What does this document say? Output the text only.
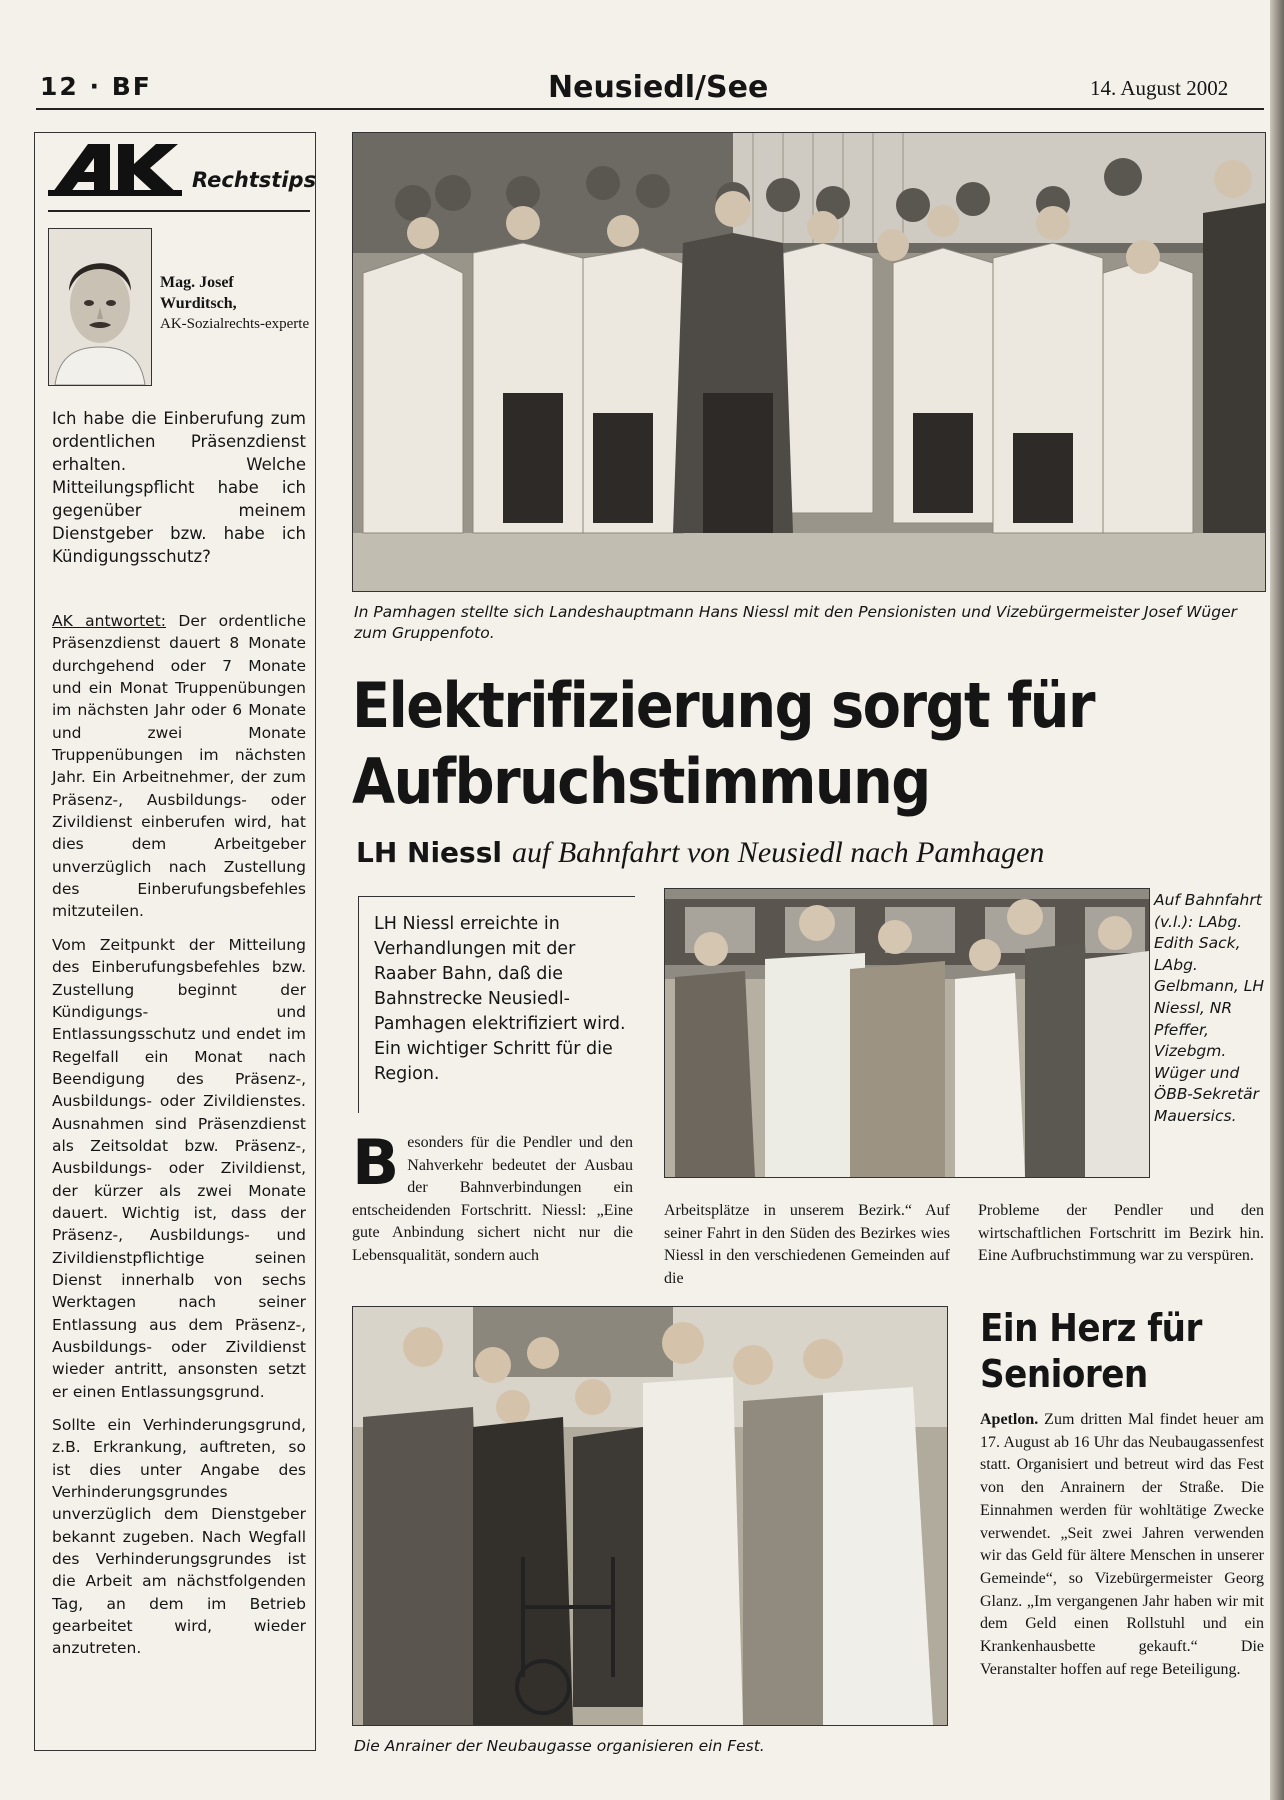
12 · BF	Neusiedl/See	14. August 2002
Rechtstips
Mag. Josef
Wurditsch,
AK-Sozialrechts-experte
Ich habe die Einberufung zum ordentlichen Präsenzdienst erhalten. Welche Mitteilungspflicht habe ich gegenüber meinem Dienstgeber bzw. habe ich Kündigungsschutz?

AK antwortet: Der ordentliche Präsenzdienst dauert 8 Monate durchgehend oder 7 Monate und ein Monat Truppenübungen im nächsten Jahr oder 6 Monate und zwei Monate Truppenübungen im nächsten Jahr. Ein Arbeitnehmer, der zum Präsenz-, Ausbildungs- oder Zivildienst einberufen wird, hat dies dem Arbeitgeber unverzüglich nach Zustellung des Einberufungsbefehles mitzuteilen.

Vom Zeitpunkt der Mitteilung des Einberufungsbefehles bzw. Zustellung beginnt der Kündigungs- und Entlassungsschutz und endet im Regelfall ein Monat nach Beendigung des Präsenz-, Ausbildungs- oder Zivildienstes. Ausnahmen sind Präsenzdienst als Zeitsoldat bzw. Präsenz-, Ausbildungs- oder Zivildienst, der kürzer als zwei Monate dauert. Wichtig ist, dass der Präsenz-, Ausbildungs- und Zivildienstpflichtige seinen Dienst innerhalb von sechs Werktagen nach seiner Entlassung aus dem Präsenz-, Ausbildungs- oder Zivildienst wieder antritt, ansonsten setzt er einen Entlassungsgrund.

Sollte ein Verhinderungsgrund, z.B. Erkrankung, auftreten, so ist dies unter Angabe des Verhinderungsgrundes unverzüglich dem Dienstgeber bekannt zugeben. Nach Wegfall des Verhinderungsgrundes ist die Arbeit am nächstfolgenden Tag, an dem im Betrieb gearbeitet wird, wieder anzutreten.

In Pamhagen stellte sich Landeshauptmann Hans Niessl mit den Pensionisten und Vizebürgermeister Josef Wüger zum Gruppenfoto.
Elektrifizierung sorgt für
Aufbruchstimmung
LH Niessl auf Bahnfahrt von Neusiedl nach Pamhagen
LH Niessl erreichte in Verhandlungen mit der Raaber Bahn, daß die Bahnstrecke Neusiedl-Pamhagen elektrifiziert wird. Ein wichtiger Schritt für die Region.
Auf Bahnfahrt (v.l.): LAbg. Edith Sack, LAbg. Gelbmann, LH Niessl, NR Pfeffer, Vizebgm. Wüger und ÖBB-Sekretär Mauersics.
Besonders für die Pendler und den Nahverkehr bedeutet der Ausbau der Bahnverbindungen ein entscheidenden Fortschritt. Niessl: „Eine gute Anbindung sichert nicht nur die Lebensqualität, sondern auch
Arbeitsplätze in unserem Bezirk.“ Auf seiner Fahrt in den Süden des Bezirkes wies Niessl in den verschiedenen Gemeinden auf die
Probleme der Pendler und den wirtschaftlichen Fortschritt im Bezirk hin. Eine Aufbruchstimmung war zu verspüren.
Die Anrainer der Neubaugasse organisieren ein Fest.
Ein Herz für Senioren
Apetlon. Zum dritten Mal findet heuer am 17. August ab 16 Uhr das Neubaugassenfest statt. Organisiert und betreut wird das Fest von den Anrainern der Straße. Die Einnahmen werden für wohltätige Zwecke verwendet. „Seit zwei Jahren verwenden wir das Geld für ältere Menschen in unserer Gemeinde“, so Vizebürgermeister Georg Glanz. „Im vergangenen Jahr haben wir mit dem Geld einen Rollstuhl und ein Krankenhausbette gekauft.“ Die Veranstalter hoffen auf rege Beteiligung.
